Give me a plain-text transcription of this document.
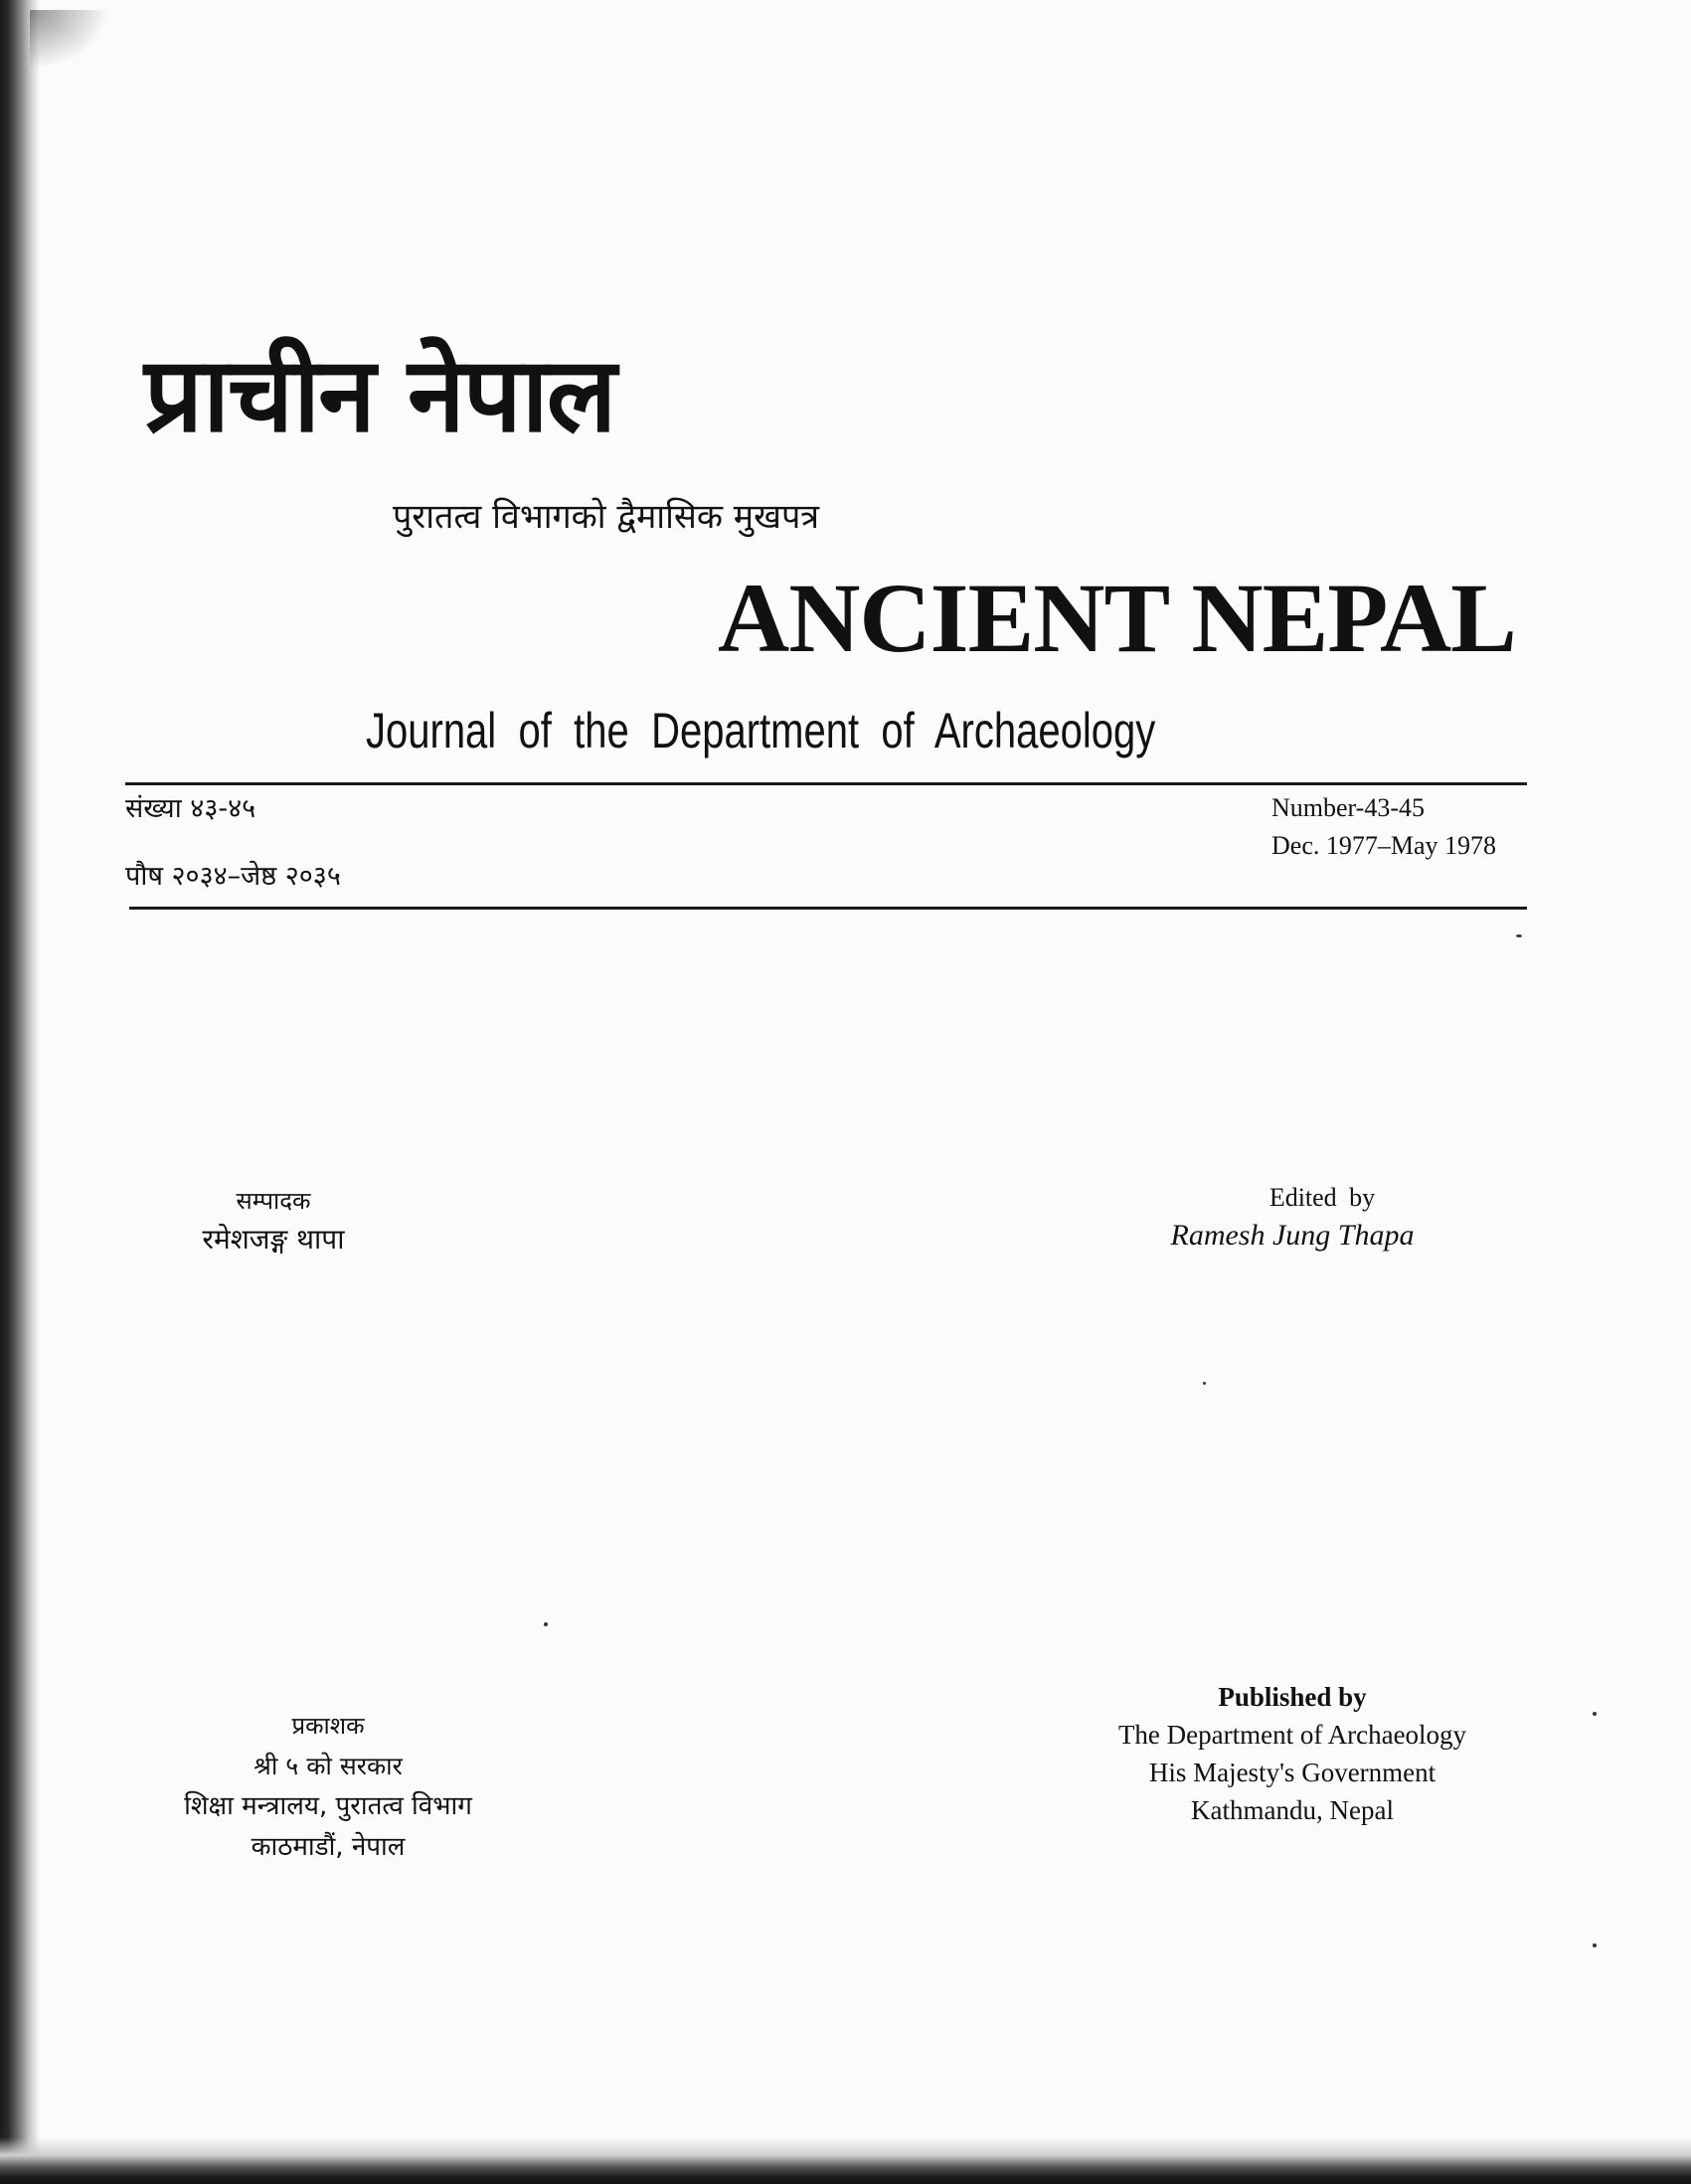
प्राचीन नेपाल
पुरातत्व विभागको द्वैमासिक मुखपत्र
ANCIENT NEPAL
Journal of the Department of Archaeology
संख्या ४३-४५
पौष २०३४–जेष्ठ २०३५
Number-43-45
Dec. 1977–May 1978
सम्पादक
रमेशजङ्ग थापा
Edited by
Ramesh Jung Thapa
प्रकाशक
श्री ५ को सरकार
शिक्षा मन्त्रालय, पुरातत्व विभाग
काठमाडौं, नेपाल
Published by
The Department of Archaeology
His Majesty's Government
Kathmandu, Nepal
